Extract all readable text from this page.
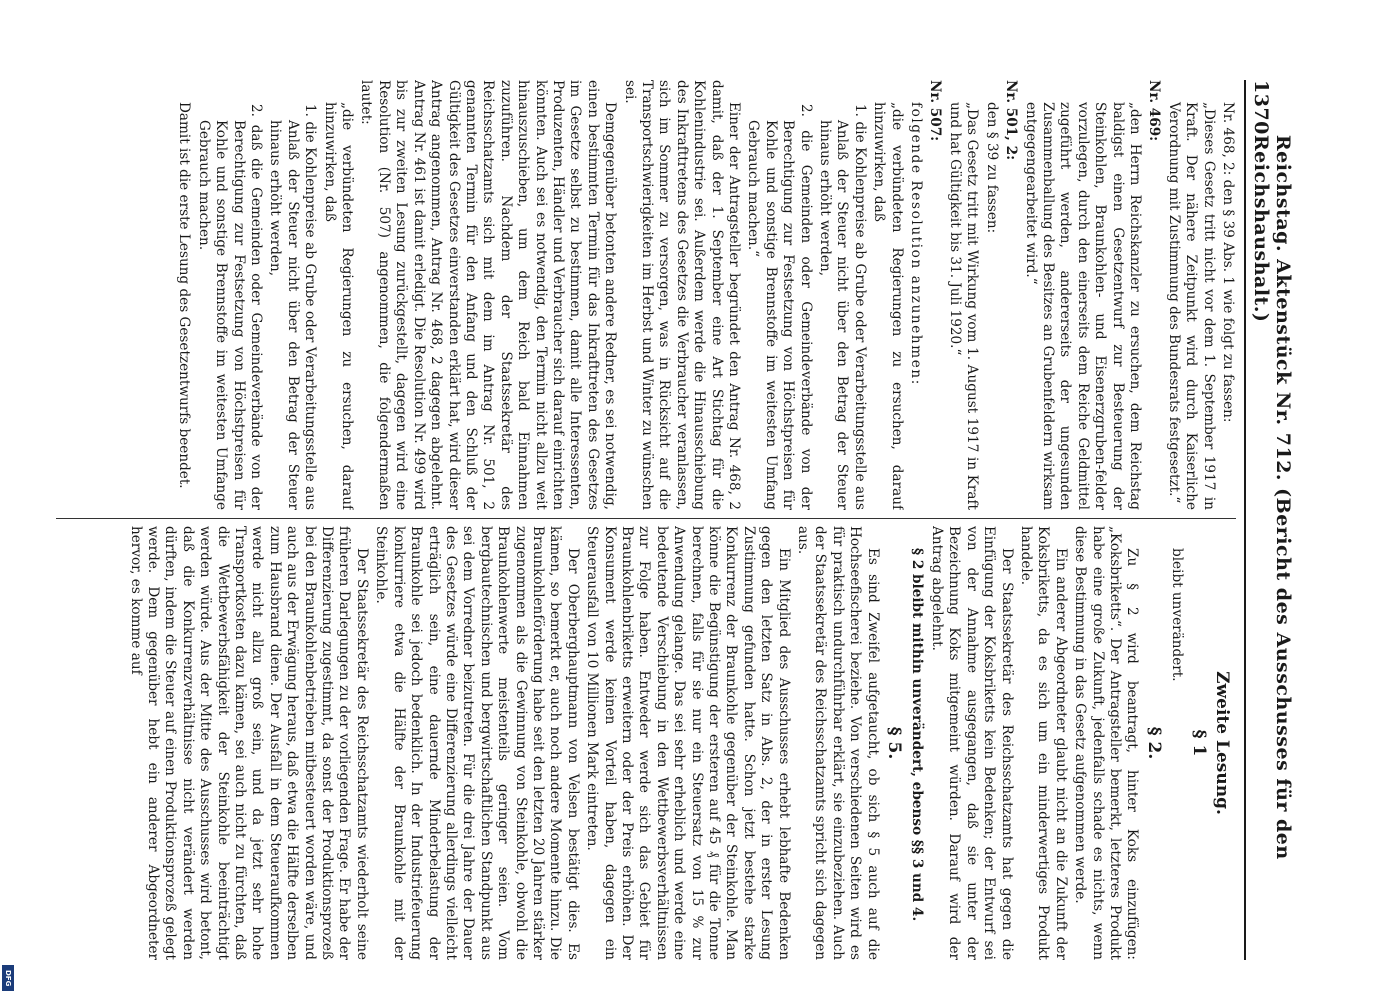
1370
Reichstag. Aktenstück Nr. 712. (Bericht des Ausschusses für den Reichshaushalt.)

Nr. 468, 2: den § 39 Abs. 1 wie folgt zu fassen:

„Dieses Gesetz tritt nicht vor dem 1. September 1917 in Kraft. Der nähere Zeitpunkt wird durch Kaiserliche Verordnung mit Zustimmung des Bundesrats festgesetzt.“

Nr. 469:

„den Herrn Reichskanzler zu ersuchen, dem Reichstag baldigst einen Gesetzentwurf zur Besteuerung der Steinkohlen, Braunkohlen- und Eisenerzgruben-felder vorzulegen, durch den einerseits dem Reiche Geldmittel zugeführt werden, andererseits der ungesunden Zusammenballung des Besitzes an Grubenfeldern wirksam entgegengearbeitet wird.“

Nr. 501, 2:

den § 39 zu fassen:

„Das Gesetz tritt mit Wirkung vom 1. August 1917 in Kraft und hat Gültigkeit bis 31. Juli 1920.“

Nr. 507:

folgende Resolution anzunehmen:

„die verbündeten Regierungen zu ersuchen, darauf hinzuwirken, daß

1. die Kohlenpreise ab Grube oder Verarbeitungsstelle aus Anlaß der Steuer nicht über den Betrag der Steuer hinaus erhöht werden,

2. die Gemeinden oder Gemeindeverbände von der Berechtigung zur Festsetzung von Höchstpreisen für Kohle und sonstige Brennstoffe im weitesten Umfang Gebrauch machen.“

Einer der Antragsteller begründet den Antrag Nr. 468, 2 damit, daß der 1. September eine Art Stichtag für die Kohlenindustrie sei. Außerdem werde die Hinausschiebung des Inkrafttretens des Gesetzes die Verbraucher veranlassen, sich im Sommer zu versorgen, was in Rücksicht auf die Transportschwierigkeiten im Herbst und Winter zu wünschen sei.

Demgegenüber betonten andere Redner, es sei notwendig, einen bestimmten Termin für das Inkrafttreten des Gesetzes im Gesetze selbst zu bestimmen, damit alle Interessenten, Produzenten, Händler und Verbraucher sich darauf einrichten könnten. Auch sei es notwendig, den Termin nicht allzu weit hinauszuschieben, um dem Reich bald Einnahmen zuzuführen. Nachdem der Staatssekretär des Reichsschatzamts sich mit dem im Antrag Nr. 501, 2 genannten Termin für den Anfang und den Schluß der Gültigkeit des Gesetzes einverstanden erklärt hat, wird dieser Antrag angenommen, Antrag Nr. 468, 2 dagegen abgelehnt. Antrag Nr. 461 ist damit erledigt. Die Resolution Nr. 499 wird bis zur zweiten Lesung zurückgestellt, dagegen wird eine Resolution (Nr. 507) angenommen, die folgendermaßen lautet:

„die verbündeten Regierungen zu ersuchen, darauf hinzuwirken, daß

1. die Kohlenpreise ab Grube oder Verarbeitungsstelle aus Anlaß der Steuer nicht über den Betrag der Steuer hinaus erhöht werden,

2. daß die Gemeinden oder Gemeindeverbände von der Berechtigung zur Festsetzung von Höchstpreisen für Kohle und sonstige Brennstoffe im weitesten Umfange Gebrauch machen.

Damit ist die erste Lesung des Gesetzentwurfs beendet.

Zweite Lesung.
§ 1

bleibt unverändert.

§ 2.

Zu § 2 wird beantragt, hinter Koks einzufügen: „Koksbriketts“. Der Antragsteller bemerkt, letzteres Produkt habe eine große Zukunft, jedenfalls schade es nichts, wenn diese Bestimmung in das Gesetz aufgenommen werde.

Ein anderer Abgeordneter glaubt nicht an die Zukunft der Koksbriketts, da es sich um ein minderwertiges Produkt handele.

Der Staatssekretär des Reichsschatzamts hat gegen die Einfügung der Koksbriketts kein Bedenken; der Entwurf sei von der Annahme ausgegangen, daß sie unter der Bezeichnung Koks mitgemeint würden. Darauf wird der Antrag abgelehnt.

§ 2 bleibt mithin unverändert, ebenso §§ 3 und 4.

§ 5.

Es sind Zweifel aufgetaucht, ob sich § 5 auch auf die Hochseefischerei beziehe. Von verschiedenen Seiten wird es für praktisch undurchführbar erklärt, sie einzubeziehen. Auch der Staatssekretär des Reichsschatzamts spricht sich dagegen aus.

Ein Mitglied des Ausschusses erhebt lebhafte Bedenken gegen den letzten Satz in Abs. 2, der in erster Lesung Zustimmung gefunden hatte. Schon jetzt bestehe starke Konkurrenz der Braunkohle gegenüber der Steinkohle. Man könne die Begünstigung der ersteren auf 45 ₰ für die Tonne berechnen, falls für sie nur ein Steuersatz von 15 % zur Anwendung gelange. Das sei sehr erheblich und werde eine bedeutende Verschiebung in den Wettbewerbsverhältnissen zur Folge haben. Entweder werde sich das Gebiet für Braunkohlenbriketts erweitern oder der Preis erhöhen. Der Konsument werde keinen Vorteil haben, dagegen ein Steuerausfall von 10 Millionen Mark eintreten.

Der Oberberghauptmann von Velsen bestätigt dies. Es kämen, so bemerkt er, auch noch andere Momente hinzu. Die Braunkohlenförderung habe seit den letzten 20 Jahren stärker zugenommen als die Gewinnung von Steinkohle, obwohl die Braunkohlenwerte meistenteils geringer seien. Vom bergbautechnischen und bergwirtschaftlichen Standpunkt aus sei dem Vorredner beizutreten. Für die drei Jahre der Dauer des Gesetzes würde eine Differenzierung allerdings vielleicht erträglich sein, eine dauernde Minderbelastung der Braunkohle sei jedoch bedenklich. In der Industriefeuerung konkurriere etwa die Hälfte der Braunkohle mit der Steinkohle.

Der Staatssekretär des Reichsschatzamts wiederholt seine früheren Darlegungen zu der vorliegenden Frage. Er habe der Differenzierung zugestimmt, da sonst der Produktionsprozeß bei den Braunkohlenbetrieben mitbesteuert worden wäre, und auch aus der Erwägung heraus, daß etwa die Hälfte derselben zum Hausbrand diene. Der Ausfall in dem Steueraufkommen werde nicht allzu groß sein, und da jetzt sehr hohe Transportkosten dazu kämen, sei auch nicht zu fürchten, daß die Wettbewerbsfähigkeit der Steinkohle beeinträchtigt werden würde. Aus der Mitte des Ausschusses wird betont, daß die Konkurrenzverhältnisse nicht verändert werden dürften, indem die Steuer auf einen Produktionsprozeß gelegt werde. Dem gegenüber hebt ein anderer Abgeordneter hervor, es komme auf

DFG
